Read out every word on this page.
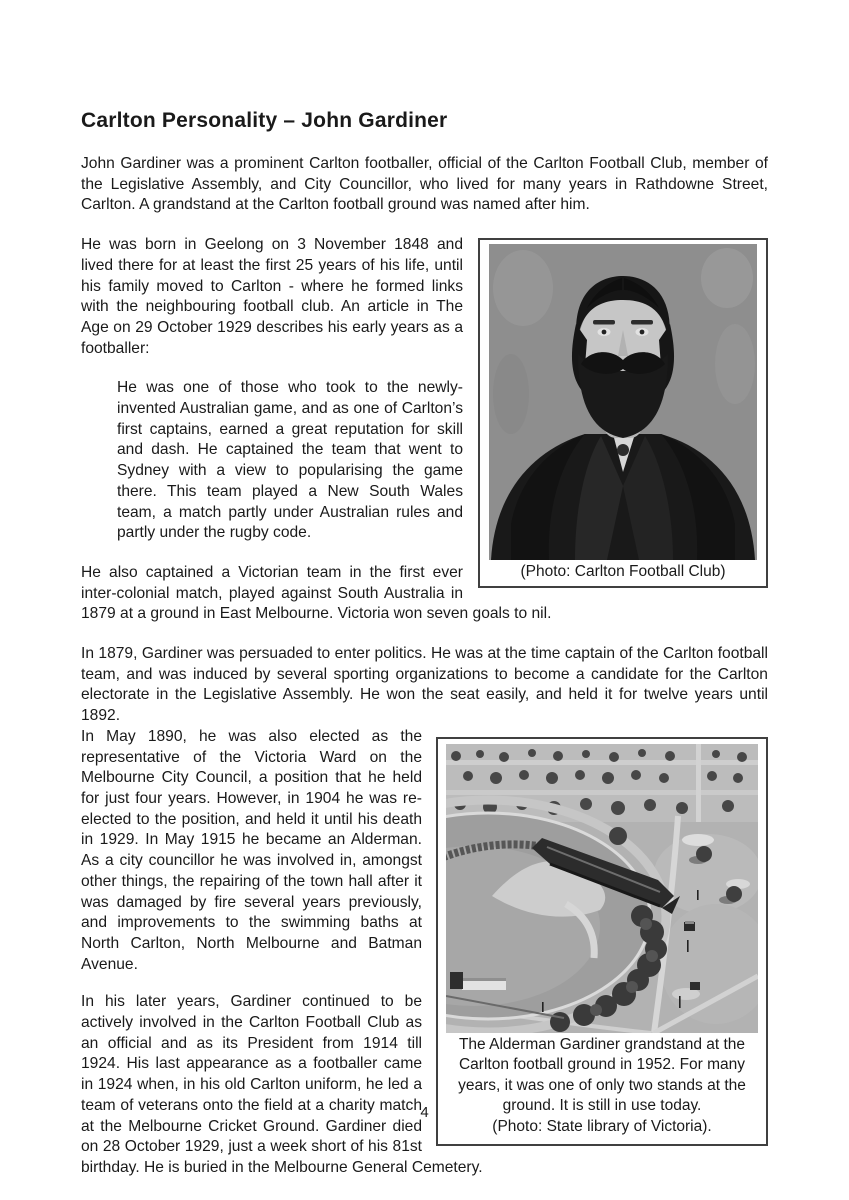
Carlton Personality – John Gardiner

John Gardiner was a prominent Carlton footballer, official of the Carlton Football Club, member of the Legislative Assembly, and City Councillor, who lived for many years in Rathdowne Street, Carlton. A grandstand at the Carlton football ground was named after him.

(Photo: Carlton Football Club)

He was born in Geelong on 3 November 1848 and lived there for at least the first 25 years of his life, until his family moved to Carlton - where he formed links with the neighbouring football club. An article in The Age on 29 October 1929 describes his early years as a footballer:

He was one of those who took to the newly-invented Australian game, and as one of Carlton’s first captains, earned a great reputation for skill and dash. He captained the team that went to Sydney with a view to popularising the game there. This team played a New South Wales team, a match partly under Australian rules and partly under the rugby code.

He also captained a Victorian team in the first ever inter-colonial match, played against South Australia in 1879 at a ground in East Melbourne. Victoria won seven goals to nil.

In 1879, Gardiner was persuaded to enter politics. He was at the time captain of the Carlton football team, and was induced by several sporting organizations to become a candidate for the Carlton electorate in the Legislative Assembly. He won the seat easily, and held it for twelve years until 1892.

The Alderman Gardiner grandstand at the Carlton football ground in 1952. For many years, it was one of only two stands at the ground. It is still in use today.
(Photo: State library of Victoria).

In May 1890, he was also elected as the representative of the Victoria Ward on the Melbourne City Council, a position that he held for just four years. However, in 1904 he was re-elected to the position, and held it until his death in 1929. In May 1915 he became an Alderman. As a city councillor he was involved in, amongst other things, the repairing of the town hall after it was damaged by fire several years previously, and improvements to the swimming baths at North Carlton, North Melbourne and Batman Avenue.

In his later years, Gardiner continued to be actively involved in the Carlton Football Club as an official and as its President from 1914 till 1924. His last appearance as a footballer came in 1924 when, in his old Carlton uniform, he led a team of veterans onto the field at a charity match at the Melbourne Cricket Ground. Gardiner died on 28 October 1929, just a week short of his 81st birthday. He is buried in the Melbourne General Cemetery.

4
